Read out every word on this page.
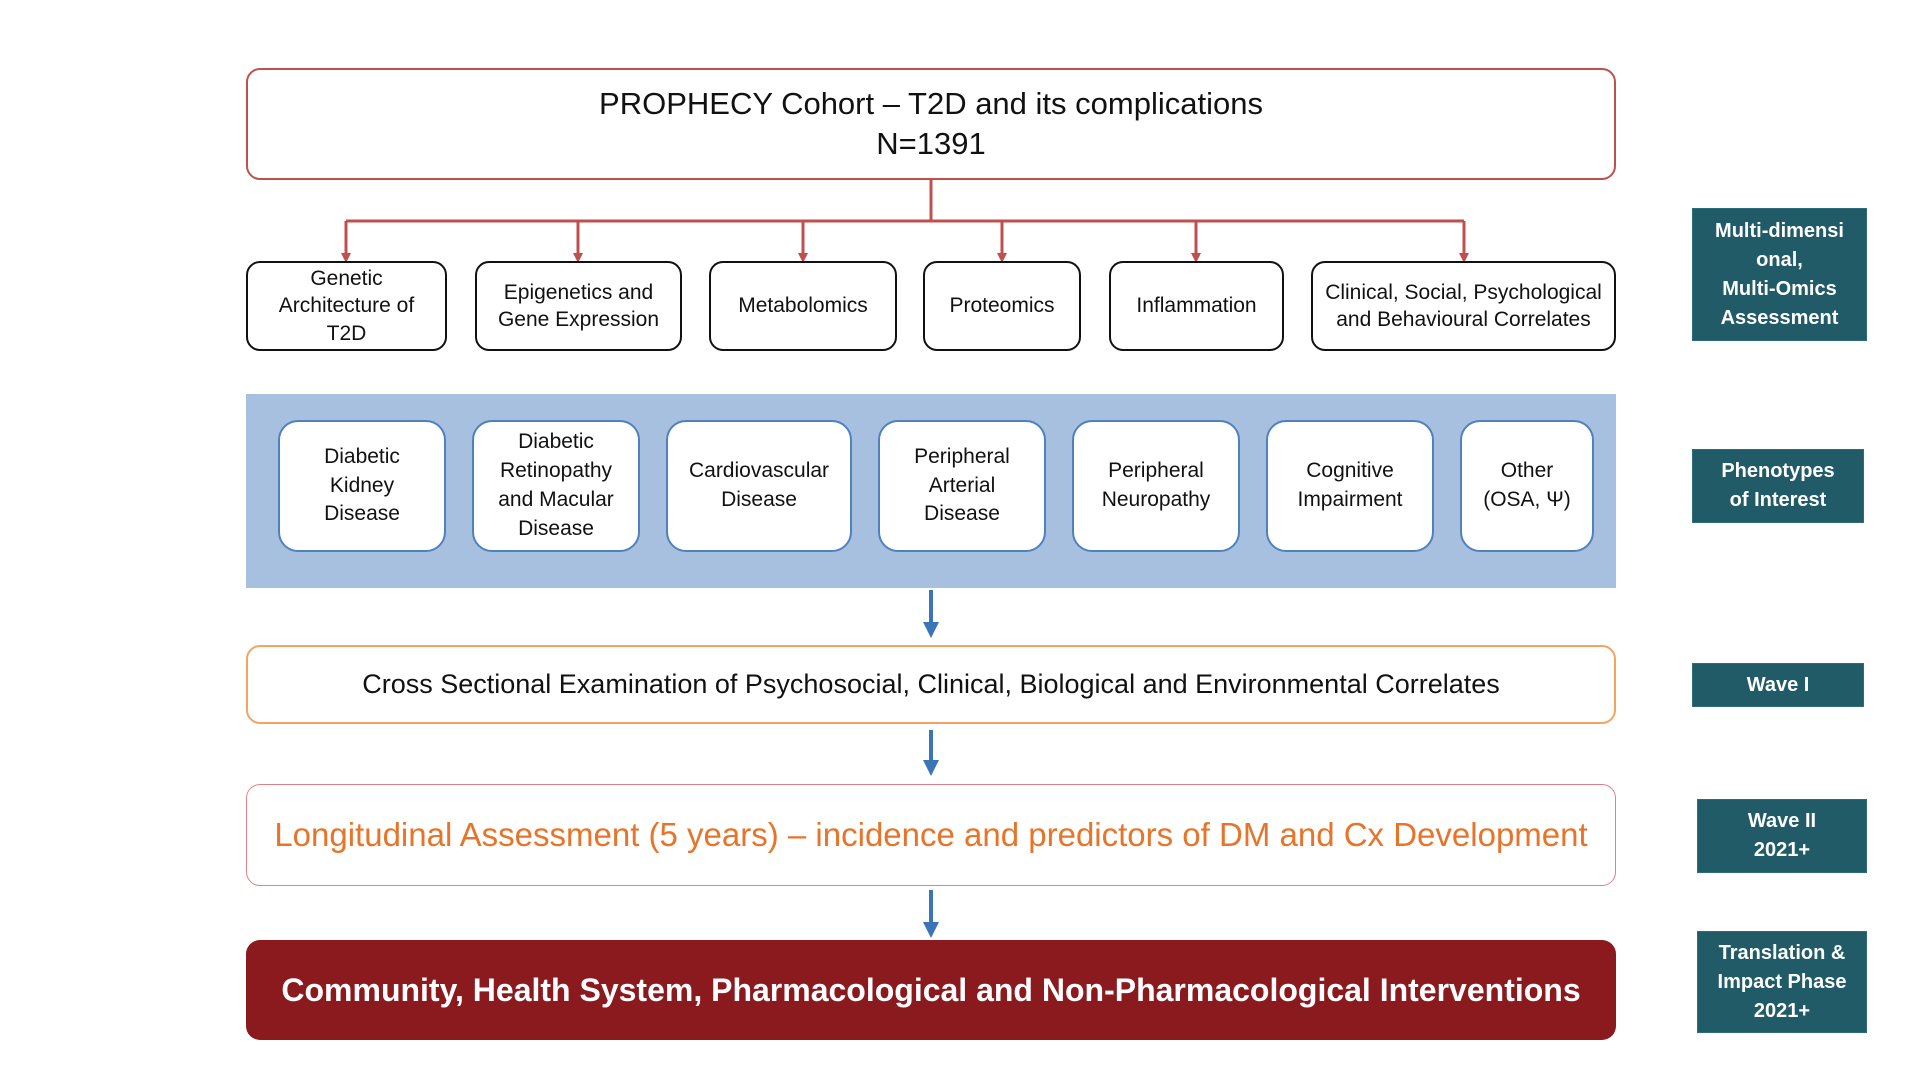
PROPHECY Cohort – T2D and its complications
N=1391
Genetic
Architecture of
T2D
Epigenetics and
Gene Expression
Metabolomics	Proteomics	Inflammation
Clinical, Social, Psychological
and Behavioural Correlates
Diabetic
Kidney
Disease
Diabetic
Retinopathy
and Macular
Disease
Cardiovascular
Disease
Peripheral
Arterial
Disease
Peripheral
Neuropathy
Cognitive
Impairment
Other
(OSA, Ψ)
Cross Sectional Examination of Psychosocial, Clinical, Biological and Environmental Correlates
Longitudinal Assessment (5 years) – incidence and predictors of DM and Cx Development
Community, Health System, Pharmacological and Non-Pharmacological Interventions
Multi-dimensi
onal,
Multi-Omics
Assessment
Phenotypes
of Interest
Wave I
Wave II
2021+
Translation &
Impact Phase
2021+
